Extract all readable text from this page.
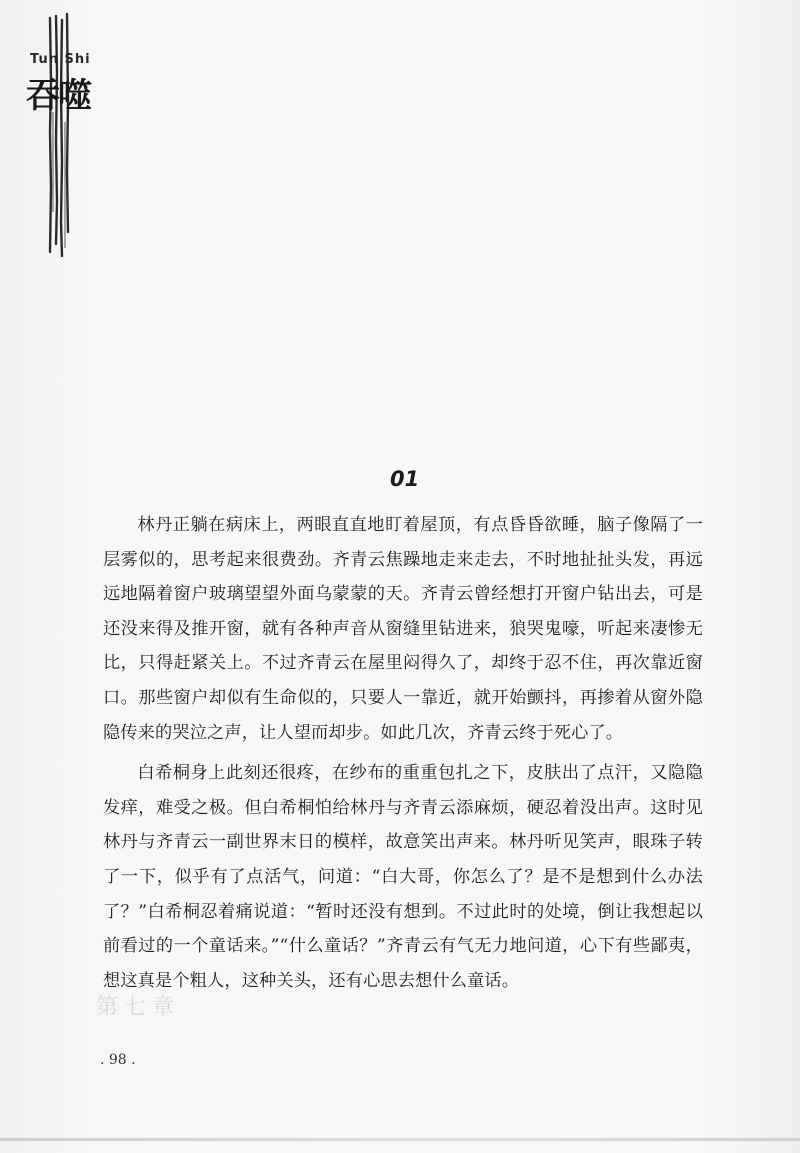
Tun Shi
吞噬
01

林丹正躺在病床上，两眼直直地盯着屋顶，有点昏昏欲睡，脑子像隔了一层雾似的，思考起来很费劲。齐青云焦躁地走来走去，不时地扯扯头发，再远远地隔着窗户玻璃望望外面乌蒙蒙的天。齐青云曾经想打开窗户钻出去，可是还没来得及推开窗，就有各种声音从窗缝里钻进来，狼哭鬼嚎，听起来凄惨无比，只得赶紧关上。不过齐青云在屋里闷得久了，却终于忍不住，再次靠近窗口。那些窗户却似有生命似的，只要人一靠近，就开始颤抖，再掺着从窗外隐隐传来的哭泣之声，让人望而却步。如此几次，齐青云终于死心了。

白希桐身上此刻还很疼，在纱布的重重包扎之下，皮肤出了点汗，又隐隐发痒，难受之极。但白希桐怕给林丹与齐青云添麻烦，硬忍着没出声。这时见林丹与齐青云一副世界末日的模样，故意笑出声来。林丹听见笑声，眼珠子转了一下，似乎有了点活气，问道：“白大哥，你怎么了？是不是想到什么办法了？”白希桐忍着痛说道：“暂时还没有想到。不过此时的处境，倒让我想起以前看过的一个童话来。”“什么童话？”齐青云有气无力地问道，心下有些鄙夷，想这真是个粗人，这种关头，还有心思去想什么童话。

第七章
. 98 .
